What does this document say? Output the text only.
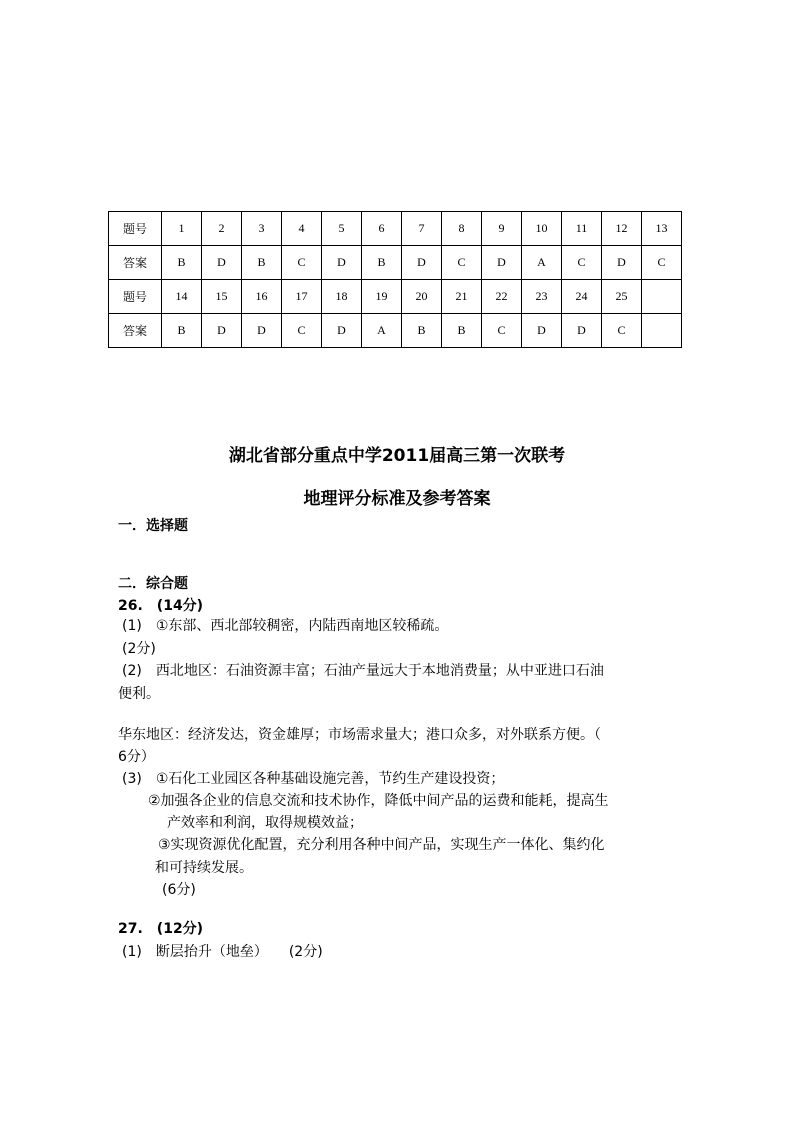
题号	1	2	3	4	5	6	7	8	9	10	11	12	13
答案	B	D	B	C	D	B	D	C	D	A	C	D	C
题号	14	15	16	17	18	19	20	21	22	23	24	25	
答案	B	D	D	C	D	A	B	B	C	D	D	C	
湖北省部分重点中学2011届高三第一次联考
地理评分标准及参考答案
一．选择题
二．综合题
26.　(14分)
(1)　①东部、西北部较稠密，内陆西南地区较稀疏。
(2分)
(2)　西北地区：石油资源丰富；石油产量远大于本地消费量；从中亚进口石油
便利。
华东地区：经济发达，资金雄厚；市场需求量大；港口众多，对外联系方便。（
6分）
(3)　①石化工业园区各种基础设施完善，节约生产建设投资；
②加强各企业的信息交流和技术协作，降低中间产品的运费和能耗，提高生
产效率和利润，取得规模效益；
③实现资源优化配置，充分利用各种中间产品，实现生产一体化、集约化
和可持续发展。
(6分)
27.　(12分)
(1)　断层抬升（地垒）　　(2分)
